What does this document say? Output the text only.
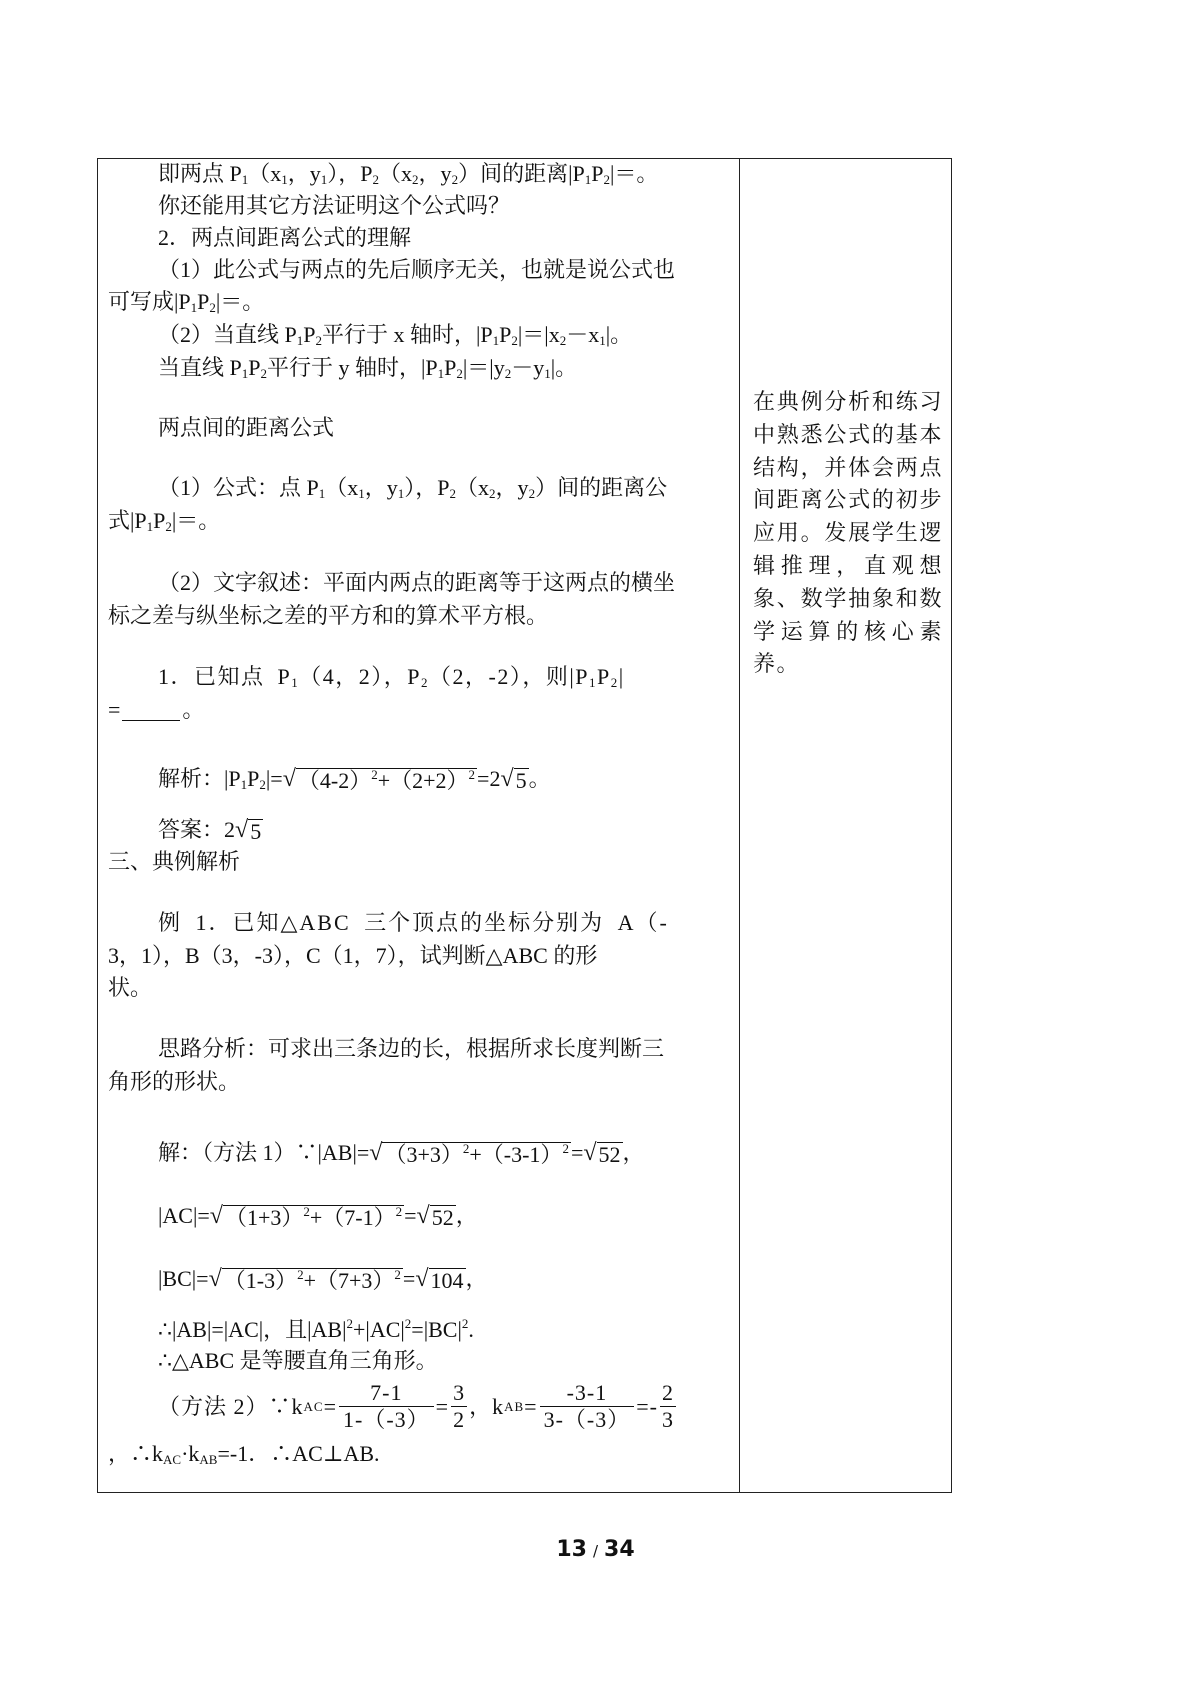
即两点 $P_1(x_1$，$y_1$），$P_2(x_2$，$y_2$）间的距离$|P_1P_2|=$。
你还能用其它方法证明这个公式吗？
2．两点间距离公式的理解
（1）此公式与两点的先后顺序无关，也就是说公式也
可写成$|P_1P_2|=$。
（2）当直线 $P_1P_2$平行于 x 轴时，$|P_1P_2|=|x_2-x_1|$。
当直线 $P_1P_2$平行于 y 轴时，$|P_1P_2|=|y_2-y_1|$。
两点间的距离公式
（1）公式：点 $P_1(x_1$，$y_1$），$P_2(x_2$，$y_2$）间的距离公
式$|P_1P_2|=$。
（2）文字叙述：平面内两点的距离等于这两点的横坐
标之差与纵坐标之差的平方和的算术平方根。
1．已知点 $P_1(4$，2），$P_2(2$，-2），则$|P_1P_2|$
=	。
解析：$|P_1P_2|=$ √ $(4-2)^2+(2+2)^2 =2$ √ 5 。
答案：2 √ 5
三、典例解析
例 1．已知△ABC 三个顶点的坐标分别为 A（-
3，1），B（3，-3），C（1，7），试判断△ABC 的形
状。
思路分析：可求出三条边的长，根据所求长度判断三
角形的形状。
解：（方法 1）∵|AB|= √ $(3+3)^2+(-3-1)^2$ = √ 52 ，
|AC|= √ $(1+3)^2+(7-1)^2$ = √ 52 ，
|BC|= √ $(1-3)^2+(7+3)^2$ = √ 104 ，
∴|AB|=|AC|，且$|AB|^2+|AC|^2=|BC|^2$.
∴△ABC 是等腰直角三角形。
（方法 2）∵k AC = $\frac{7-1}{1-(-3)} = \frac{3}{2}$ ，k AB = $\frac{-3-1}{3-(-3)} =- \frac{2}{3}$
，$\therefore k_{AC}\cdot k_{AB}=-1$．∴AC⊥AB.
在典例分析和练习中熟悉公式的基本结构，并体会两点间距离公式的初步应用。发展学生逻辑推理，直观想象、数学抽象和数学运算的核心素养。
13 / 34
